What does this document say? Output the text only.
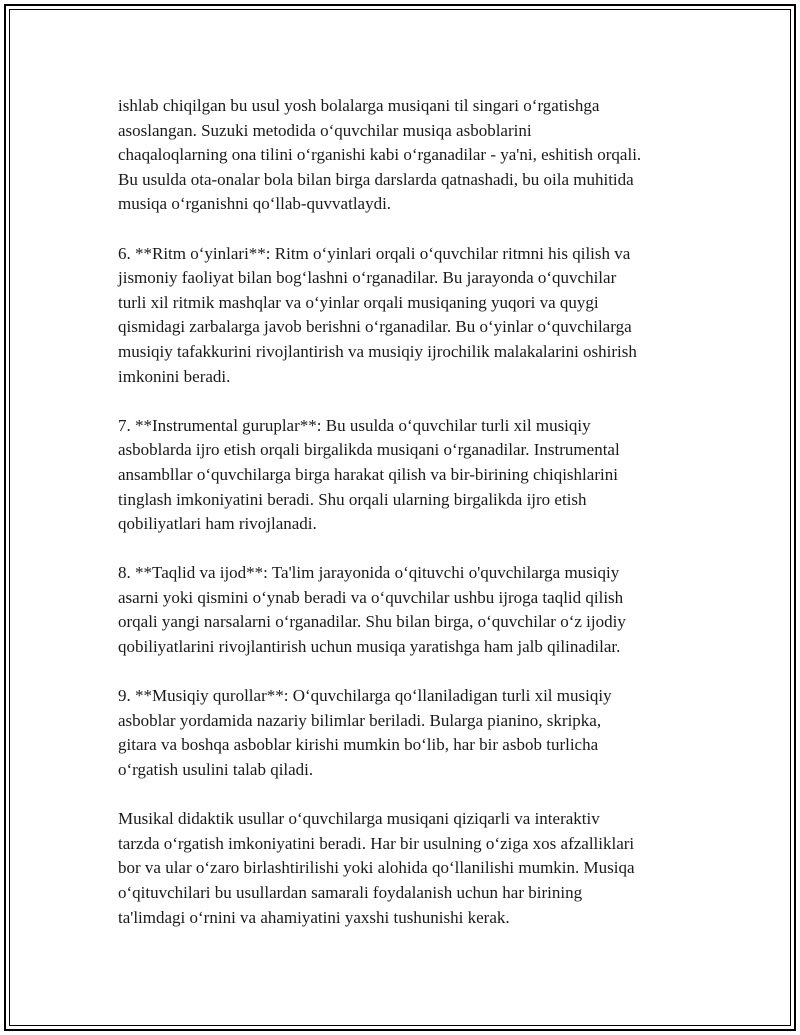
ishlab chiqilgan bu usul yosh bolalarga musiqani til singari o‘rgatishga
asoslangan. Suzuki metodida o‘quvchilar musiqa asboblarini
chaqaloqlarning ona tilini o‘rganishi kabi o‘rganadilar - ya'ni, eshitish orqali.
Bu usulda ota-onalar bola bilan birga darslarda qatnashadi, bu oila muhitida
musiqa o‘rganishni qo‘llab-quvvatlaydi.

6. **Ritm o‘yinlari**: Ritm o‘yinlari orqali o‘quvchilar ritmni his qilish va
jismoniy faoliyat bilan bog‘lashni o‘rganadilar. Bu jarayonda o‘quvchilar
turli xil ritmik mashqlar va o‘yinlar orqali musiqaning yuqori va quygi
qismidagi zarbalarga javob berishni o‘rganadilar. Bu o‘yinlar o‘quvchilarga
musiqiy tafakkurini rivojlantirish va musiqiy ijrochilik malakalarini oshirish
imkonini beradi.

7. **Instrumental guruplar**: Bu usulda o‘quvchilar turli xil musiqiy
asboblarda ijro etish orqali birgalikda musiqani o‘rganadilar. Instrumental
ansambllar o‘quvchilarga birga harakat qilish va bir-birining chiqishlarini
tinglash imkoniyatini beradi. Shu orqali ularning birgalikda ijro etish
qobiliyatlari ham rivojlanadi.

8. **Taqlid va ijod**: Ta'lim jarayonida o‘qituvchi o'quvchilarga musiqiy
asarni yoki qismini o‘ynab beradi va o‘quvchilar ushbu ijroga taqlid qilish
orqali yangi narsalarni o‘rganadilar. Shu bilan birga, o‘quvchilar o‘z ijodiy
qobiliyatlarini rivojlantirish uchun musiqa yaratishga ham jalb qilinadilar.

9. **Musiqiy qurollar**: O‘quvchilarga qo‘llaniladigan turli xil musiqiy
asboblar yordamida nazariy bilimlar beriladi. Bularga pianino, skripka,
gitara va boshqa asboblar kirishi mumkin bo‘lib, har bir asbob turlicha
o‘rgatish usulini talab qiladi.

Musikal didaktik usullar o‘quvchilarga musiqani qiziqarli va interaktiv
tarzda o‘rgatish imkoniyatini beradi. Har bir usulning o‘ziga xos afzalliklari
bor va ular o‘zaro birlashtirilishi yoki alohida qo‘llanilishi mumkin. Musiqa
o‘qituvchilari bu usullardan samarali foydalanish uchun har birining
ta'limdagi o‘rnini va ahamiyatini yaxshi tushunishi kerak.
